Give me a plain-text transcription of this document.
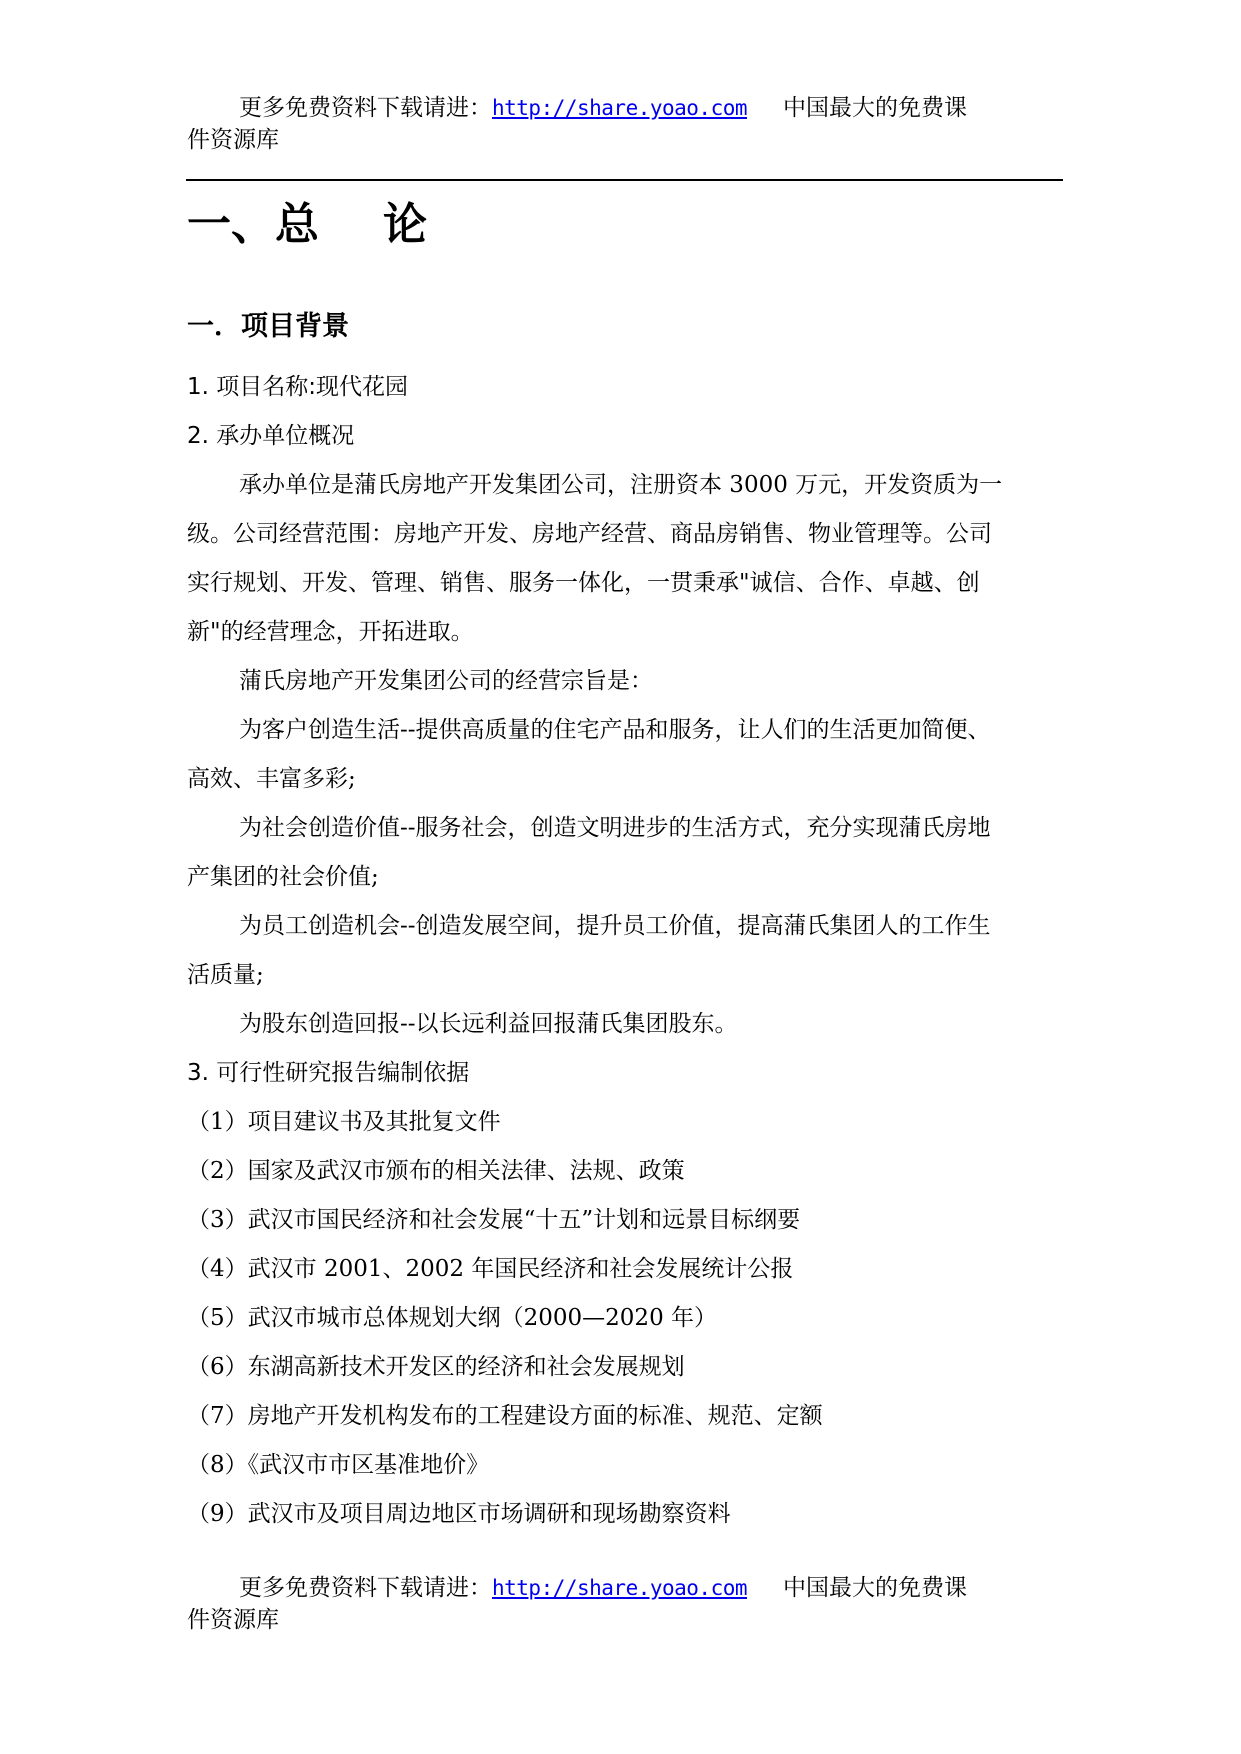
更多免费资料下载请进：http://share.yoao.com 中国最大的免费课
件资源库
一、总 论
一．项目背景
1. 项目名称:现代花园
2. 承办单位概况
承办单位是蒲氏房地产开发集团公司，注册资本 3000 万元，开发资质为一
级。公司经营范围：房地产开发、房地产经营、商品房销售、物业管理等。公司
实行规划、开发、管理、销售、服务一体化，一贯秉承"诚信、合作、卓越、创
新"的经营理念，开拓进取。
蒲氏房地产开发集团公司的经营宗旨是：
为客户创造生活--提供高质量的住宅产品和服务，让人们的生活更加简便、
高效、丰富多彩;
为社会创造价值--服务社会，创造文明进步的生活方式，充分实现蒲氏房地
产集团的社会价值;
为员工创造机会--创造发展空间，提升员工价值，提高蒲氏集团人的工作生
活质量;
为股东创造回报--以长远利益回报蒲氏集团股东。
3. 可行性研究报告编制依据
（1）项目建议书及其批复文件
（2）国家及武汉市颁布的相关法律、法规、政策
（3）武汉市国民经济和社会发展“十五”计划和远景目标纲要
（4）武汉市 2001、2002 年国民经济和社会发展统计公报
（5）武汉市城市总体规划大纲（2000—2020 年）
（6）东湖高新技术开发区的经济和社会发展规划
（7）房地产开发机构发布的工程建设方面的标准、规范、定额
（8）《武汉市市区基准地价》
（9）武汉市及项目周边地区市场调研和现场勘察资料
更多免费资料下载请进：http://share.yoao.com 中国最大的免费课
件资源库
